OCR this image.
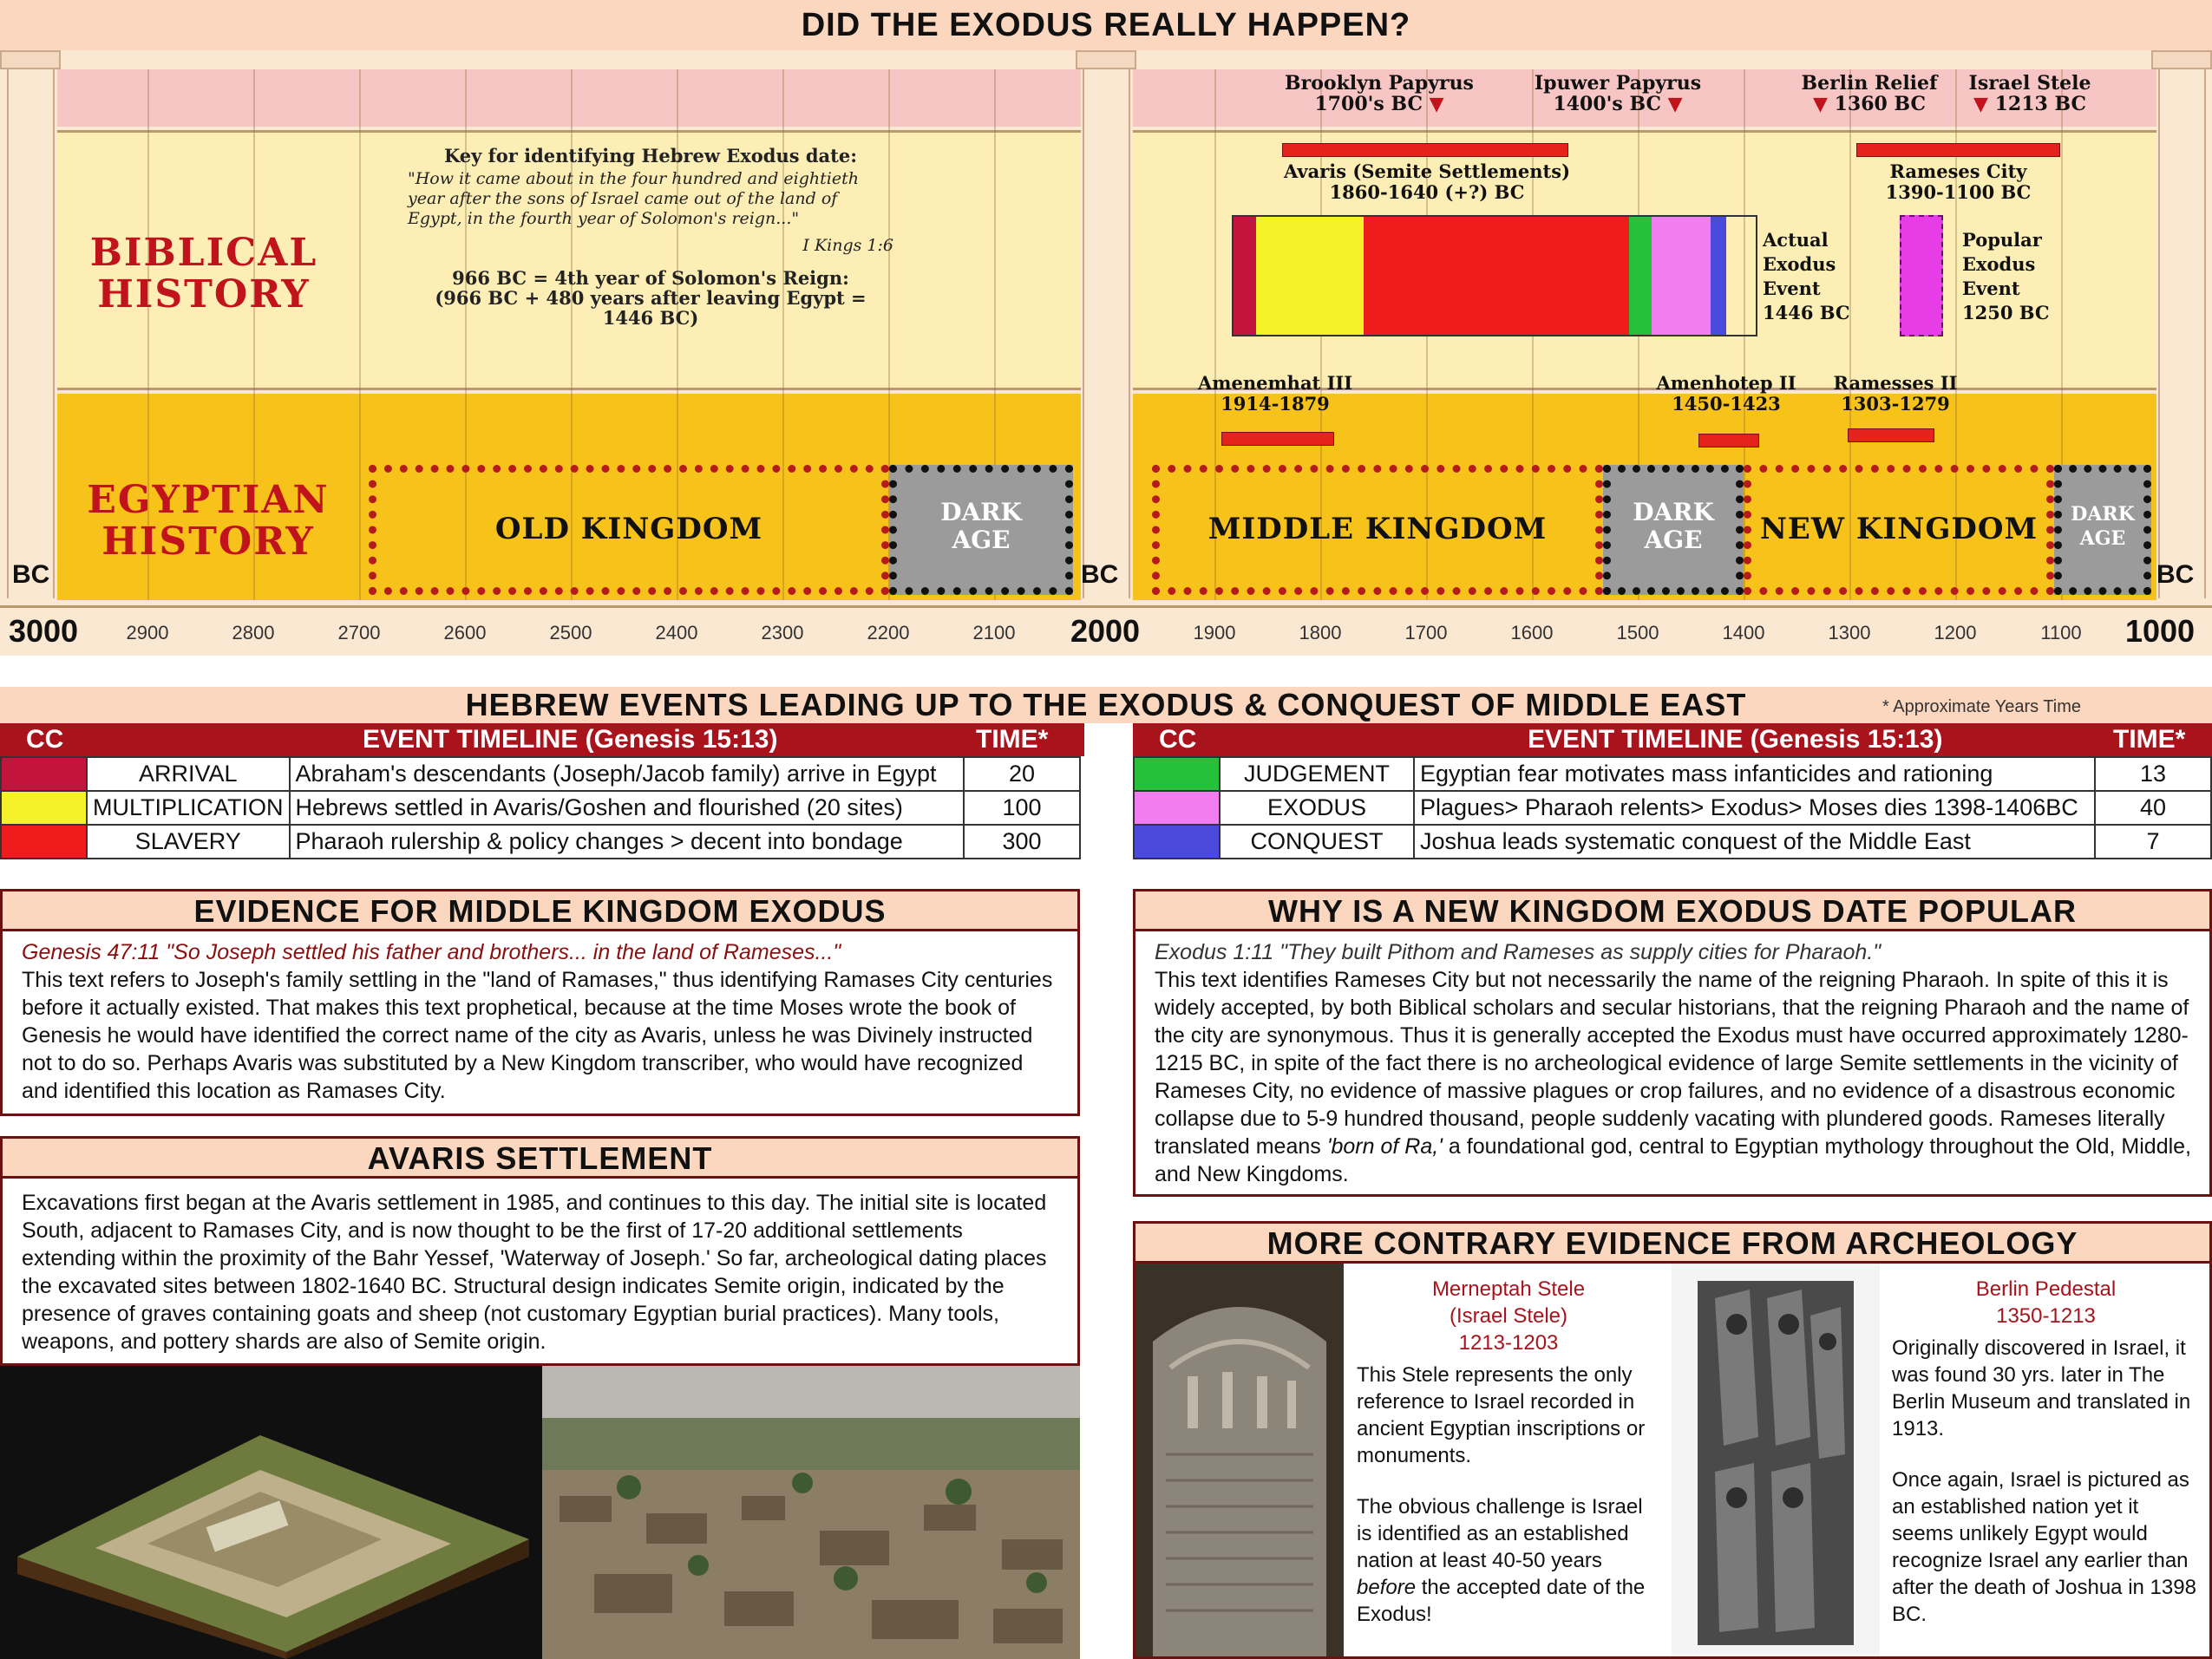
DID THE EXODUS REALLY HAPPEN?
BIBLICAL
HISTORY
EGYPTIAN
HISTORY
BC	BC	BC
Key for identifying Hebrew Exodus date:
"How it came about in the four hundred and eightieth year after the sons of Israel came out of the land of Egypt, in the fourth year of Solomon's reign..."
I Kings 1:6
966 BC = 4th year of Solomon's Reign:
(966 BC + 480 years after leaving Egypt = 1446 BC)
Brooklyn Papyrus
1700's BC ▼
Ipuwer Papyrus
1400's BC ▼
Berlin Relief
▼ 1360 BC
Israel Stele
▼ 1213 BC
Avaris (Semite Settlements)
1860-1640 (+?) BC
Actual
Exodus
Event
1446 BC
Rameses City
1390-1100 BC
Popular
Exodus
Event
1250 BC
Amenemhat III
1914-1879
Amenhotep II
1450-1423
Ramesses II
1303-1279
OLD KINGDOM	DARK
AGE	MIDDLE KINGDOM	DARK
AGE	NEW KINGDOM	DARK
AGE
3000	2900	2800	2700	2600	2500	2400	2300	2200	2100	2000	1900	1800	1700	1600	1500	1400	1300	1200	1100	1000
HEBREW EVENTS LEADING UP TO THE EXODUS & CONQUEST OF MIDDLE EAST	* Approximate Years Time
CC	EVENT TIMELINE (Genesis 15:13)	TIME*	CC	EVENT TIMELINE (Genesis 15:13)	TIME*
	ARRIVAL	Abraham's descendants (Joseph/Jacob family) arrive in Egypt	20
	MULTIPLICATION	Hebrews settled in Avaris/Goshen and flourished (20 sites)	100
	SLAVERY	Pharaoh rulership & policy changes > decent into bondage	300
	JUDGEMENT	Egyptian fear motivates mass infanticides and rationing	13
	EXODUS	Plagues> Pharaoh relents> Exodus> Moses dies 1398-1406BC	40
	CONQUEST	Joshua leads systematic conquest of the Middle East	7
EVIDENCE FOR MIDDLE KINGDOM EXODUS
Genesis 47:11 "So Joseph settled his father and brothers... in the land of Rameses..."
This text refers to Joseph's family settling in the "land of Ramases," thus identifying Ramases City centuries before it actually existed. That makes this text prophetical, because at the time Moses wrote the book of Genesis he would have identified the correct name of the city as Avaris, unless he was Divinely instructed not to do so. Perhaps Avaris was substituted by a New Kingdom transcriber, who would have recognized and identified this location as Ramases City.
AVARIS SETTLEMENT
Excavations first began at the Avaris settlement in 1985, and continues to this day. The initial site is located South, adjacent to Ramases City, and is now thought to be the first of 17-20 additional settlements extending within the proximity of the Bahr Yessef, 'Waterway of Joseph.' So far, archeological dating places the excavated sites between 1802-1640 BC. Structural design indicates Semite origin, indicated by the presence of graves containing goats and sheep (not customary Egyptian burial practices). Many tools, weapons, and pottery shards are also of Semite origin.
WHY IS A NEW KINGDOM EXODUS DATE POPULAR
Exodus 1:11 "They built Pithom and Rameses as supply cities for Pharaoh."
This text identifies Rameses City but not necessarily the name of the reigning Pharaoh. In spite of this it is widely accepted, by both Biblical scholars and secular historians, that the reigning Pharaoh and the name of the city are synonymous. Thus it is generally accepted the Exodus must have occurred approximately 1280-1215 BC, in spite of the fact there is no archeological evidence of large Semite settlements in the vicinity of Rameses City, no evidence of massive plagues or crop failures, and no evidence of a disastrous economic collapse due to 5-9 hundred thousand, people suddenly vacating with plundered goods. Rameses literally translated means 'born of Ra,' a foundational god, central to Egyptian mythology throughout the Old, Middle, and New Kingdoms.
MORE CONTRARY EVIDENCE FROM ARCHEOLOGY
Merneptah Stele
(Israel Stele)
1213-1203
This Stele represents the only reference to Israel recorded in ancient Egyptian inscriptions or monuments.
The obvious challenge is Israel is identified as an established nation at least 40-50 years before the accepted date of the Exodus!
Berlin Pedestal
1350-1213
Originally discovered in Israel, it was found 30 yrs. later in The Berlin Museum and translated in 1913.
Once again, Israel is pictured as an established nation yet it seems unlikely Egypt would recognize Israel any earlier than after the death of Joshua in 1398 BC.
